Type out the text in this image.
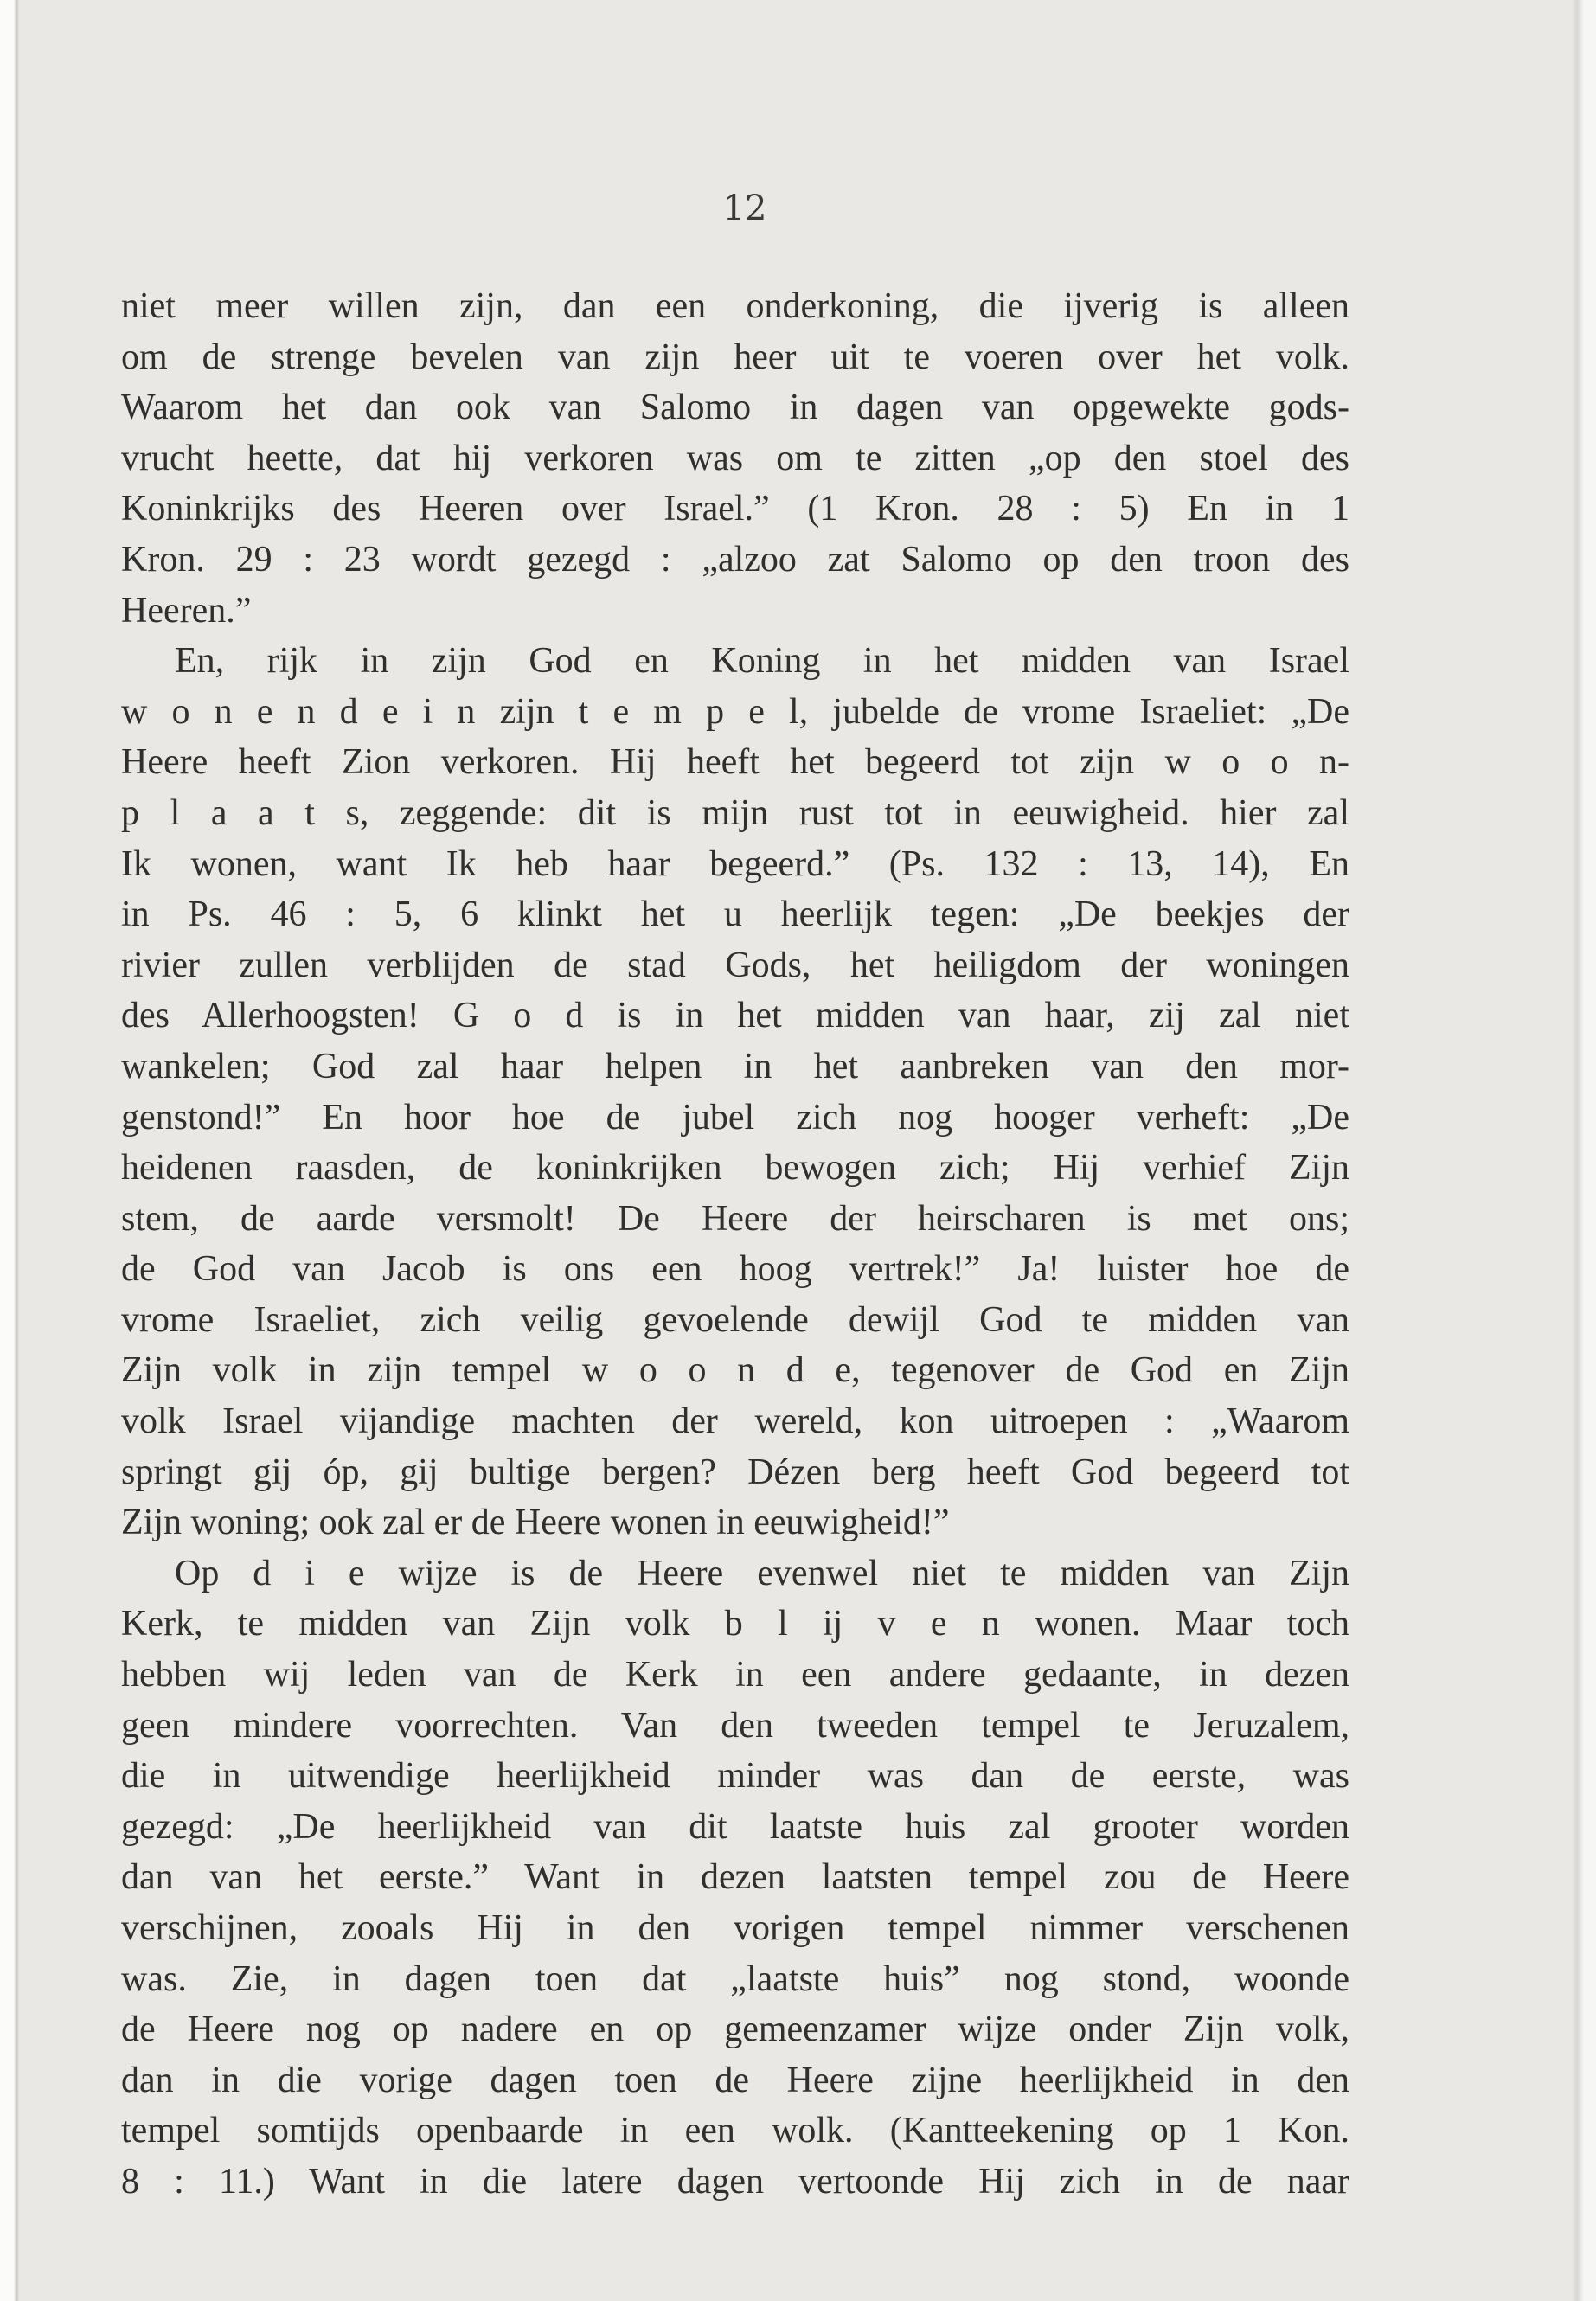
12
niet meer willen zijn, dan een onderkoning, die ijverig is alleen
om de strenge bevelen van zijn heer uit te voeren over het volk.
Waarom het dan ook van Salomo in dagen van opgewekte gods-
vrucht heette, dat hij verkoren was om te zitten „op den stoel des
Koninkrijks des Heeren over Israel.” (1 Kron. 28 : 5) En in 1
Kron. 29 : 23 wordt gezegd : „alzoo zat Salomo op den troon des
Heeren.”
En, rijk in zijn God en Koning in het midden van Israel
w o n e n d e i n zijn t e m p e l, jubelde de vrome Israeliet: „De
Heere heeft Zion verkoren. Hij heeft het begeerd tot zijn w o o n-
p l a a t s, zeggende: dit is mijn rust tot in eeuwigheid. hier zal
Ik wonen, want Ik heb haar begeerd.” (Ps. 132 : 13, 14), En
in Ps. 46 : 5, 6 klinkt het u heerlijk tegen: „De beekjes der
rivier zullen verblijden de stad Gods, het heiligdom der woningen
des Allerhoogsten! G o d is in het midden van haar, zij zal niet
wankelen; God zal haar helpen in het aanbreken van den mor-
genstond!” En hoor hoe de jubel zich nog hooger verheft: „De
heidenen raasden, de koninkrijken bewogen zich; Hij verhief Zijn
stem, de aarde versmolt! De Heere der heirscharen is met ons;
de God van Jacob is ons een hoog vertrek!” Ja! luister hoe de
vrome Israeliet, zich veilig gevoelende dewijl God te midden van
Zijn volk in zijn tempel w o o n d e, tegenover de God en Zijn
volk Israel vijandige machten der wereld, kon uitroepen : „Waarom
springt gij óp, gij bultige bergen? Dézen berg heeft God begeerd tot
Zijn woning; ook zal er de Heere wonen in eeuwigheid!”
Op d i e wijze is de Heere evenwel niet te midden van Zijn
Kerk, te midden van Zijn volk b l ij v e n wonen. Maar toch
hebben wij leden van de Kerk in een andere gedaante, in dezen
geen mindere voorrechten. Van den tweeden tempel te Jeruzalem,
die in uitwendige heerlijkheid minder was dan de eerste, was
gezegd: „De heerlijkheid van dit laatste huis zal grooter worden
dan van het eerste.” Want in dezen laatsten tempel zou de Heere
verschijnen, zooals Hij in den vorigen tempel nimmer verschenen
was. Zie, in dagen toen dat „laatste huis” nog stond, woonde
de Heere nog op nadere en op gemeenzamer wijze onder Zijn volk,
dan in die vorige dagen toen de Heere zijne heerlijkheid in den
tempel somtijds openbaarde in een wolk. (Kantteekening op 1 Kon.
8 : 11.) Want in die latere dagen vertoonde Hij zich in de naar
